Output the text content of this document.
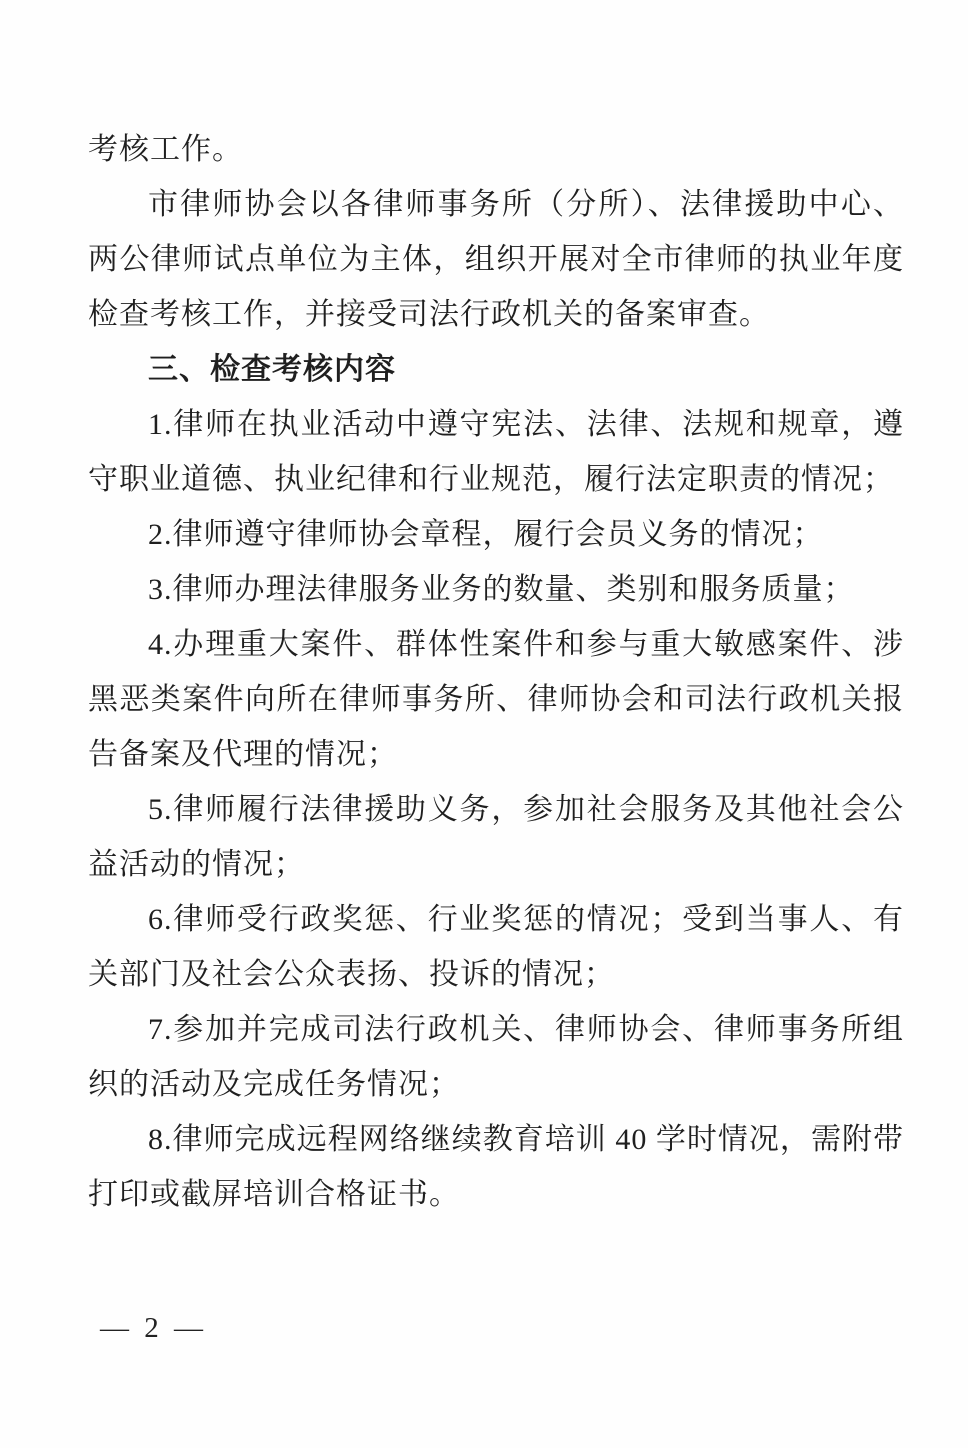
考核工作。

市律师协会以各律师事务所（分所）、法律援助中心、两公律师试点单位为主体，组织开展对全市律师的执业年度检查考核工作，并接受司法行政机关的备案审查。

三、检查考核内容

1.律师在执业活动中遵守宪法、法律、法规和规章，遵守职业道德、执业纪律和行业规范，履行法定职责的情况；

2.律师遵守律师协会章程，履行会员义务的情况；

3.律师办理法律服务业务的数量、类别和服务质量；

4.办理重大案件、群体性案件和参与重大敏感案件、涉黑恶类案件向所在律师事务所、律师协会和司法行政机关报告备案及代理的情况；

5.律师履行法律援助义务，参加社会服务及其他社会公益活动的情况；

6.律师受行政奖惩、行业奖惩的情况；受到当事人、有关部门及社会公众表扬、投诉的情况；

7.参加并完成司法行政机关、律师协会、律师事务所组织的活动及完成任务情况；

8.律师完成远程网络继续教育培训 40 学时情况，需附带打印或截屏培训合格证书。

— 2 —
